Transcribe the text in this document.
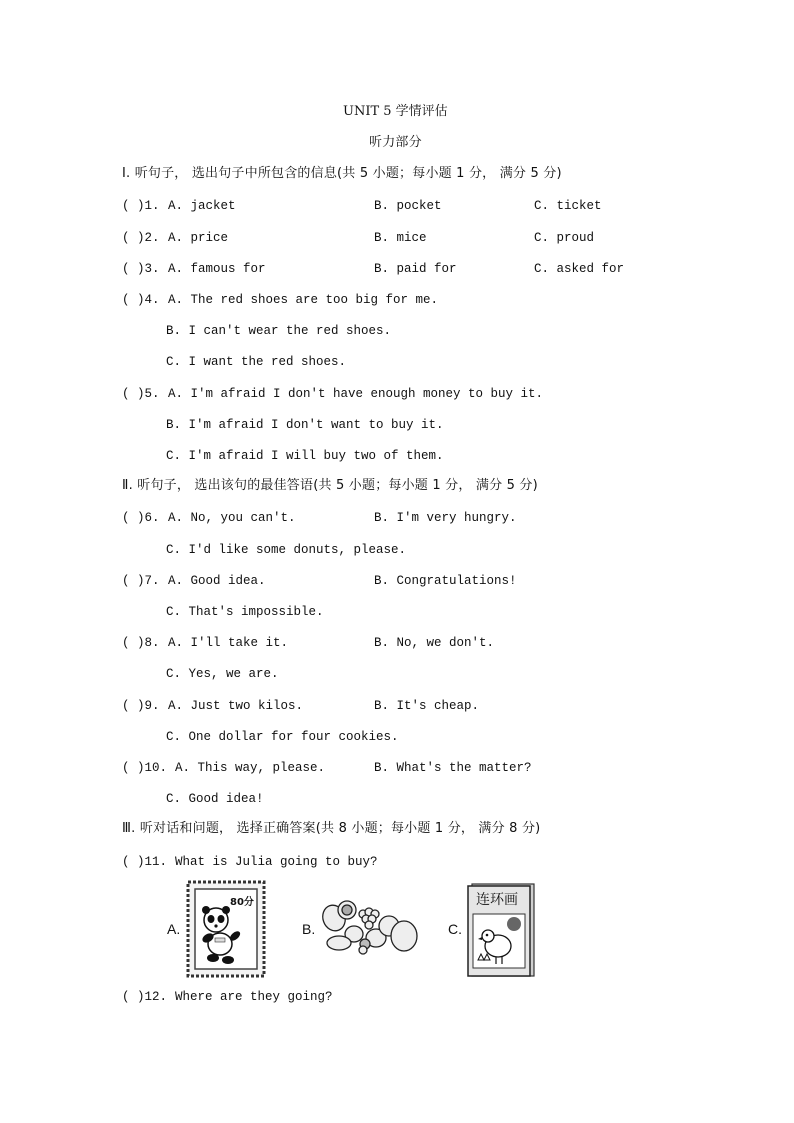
UNIT 5 学情评估
听力部分
Ⅰ. 听句子， 选出句子中所包含的信息(共 5 小题；每小题 1 分， 满分 5 分)
( )1. A. jacket	B. pocket	C. ticket
( )2. A. price	B. mice	C. proud
( )3. A. famous for	B. paid for	C. asked for
( )4. A. The red shoes are too big for me.
B. I can't wear the red shoes.
C. I want the red shoes.
( )5. A. I'm afraid I don't have enough money to buy it.
B. I'm afraid I don't want to buy it.
C. I'm afraid I will buy two of them.
Ⅱ. 听句子， 选出该句的最佳答语(共 5 小题；每小题 1 分， 满分 5 分)
( )6. A. No, you can't.	B. I'm very hungry.
C. I'd like some donuts, please.
( )7. A. Good idea.	B. Congratulations!
C. That's impossible.
( )8. A. I'll take it.	B. No, we don't.
C. Yes, we are.
( )9. A. Just two kilos.	B. It's cheap.
C. One dollar for four cookies.
( )10. A. This way, please.	B. What's the matter?
C. Good idea!
Ⅲ. 听对话和问题， 选择正确答案(共 8 小题；每小题 1 分， 满分 8 分)
( )11. What is Julia going to buy?
A.
80分
B.	C.
连环画
( )12. Where are they going?
